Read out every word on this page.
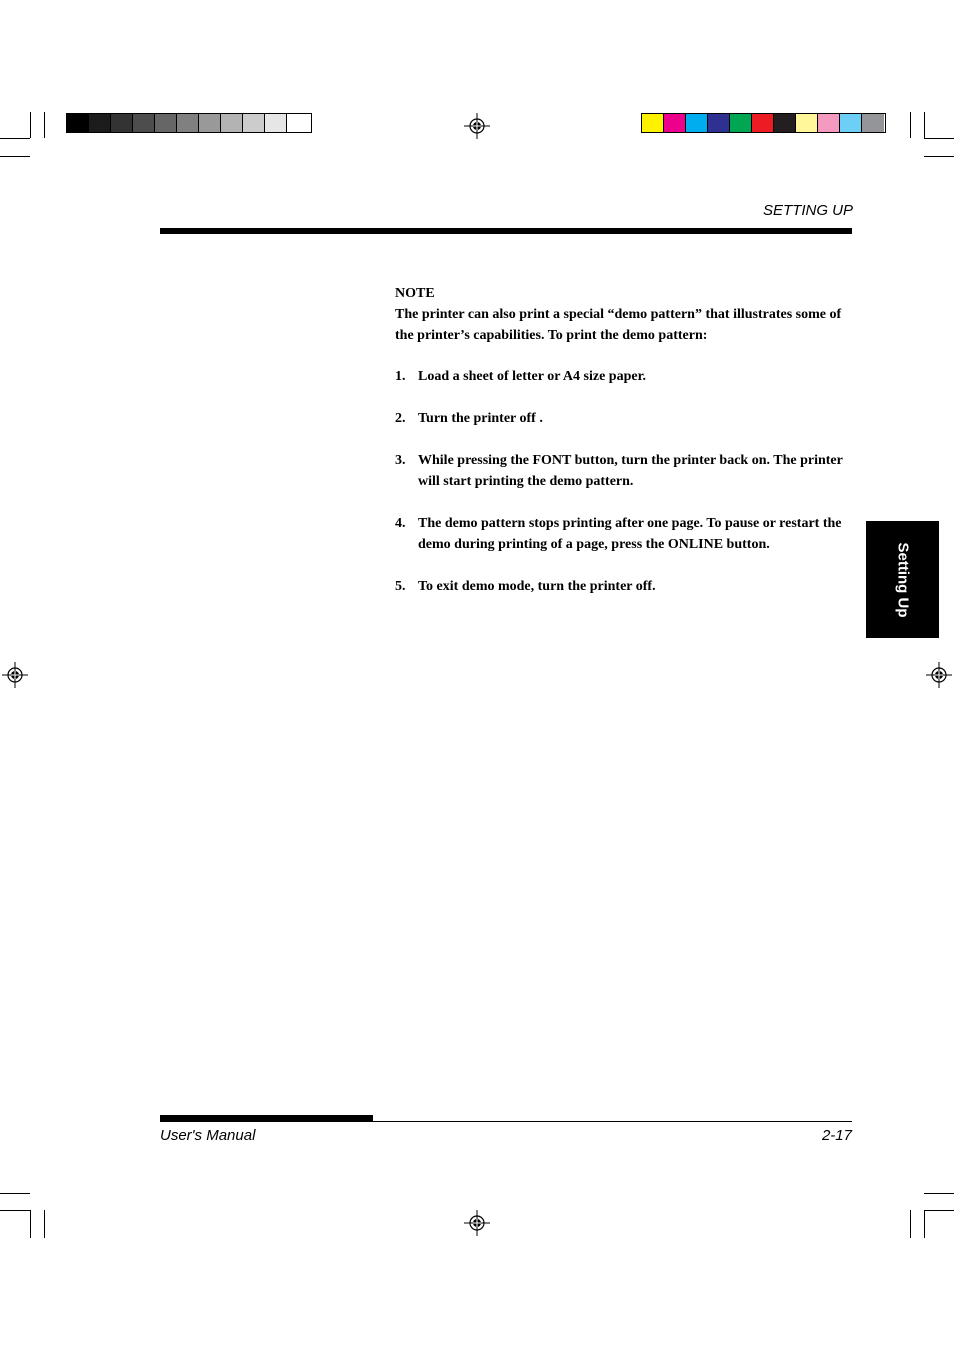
SETTING UP
Setting Up

NOTE

The printer can also print a special “demo pattern” that illustrates some of the printer’s capabilities. To print the demo pattern:

1. Load a sheet of letter or A4 size paper.
2. Turn the printer off .
3. While pressing the FONT button, turn the printer back on. The printer will start printing the demo pattern.
4. The demo pattern stops printing after one page. To pause or restart the demo during printing of a page, press the ONLINE button.
5. To exit demo mode, turn the printer off.
User's Manual	2-17
